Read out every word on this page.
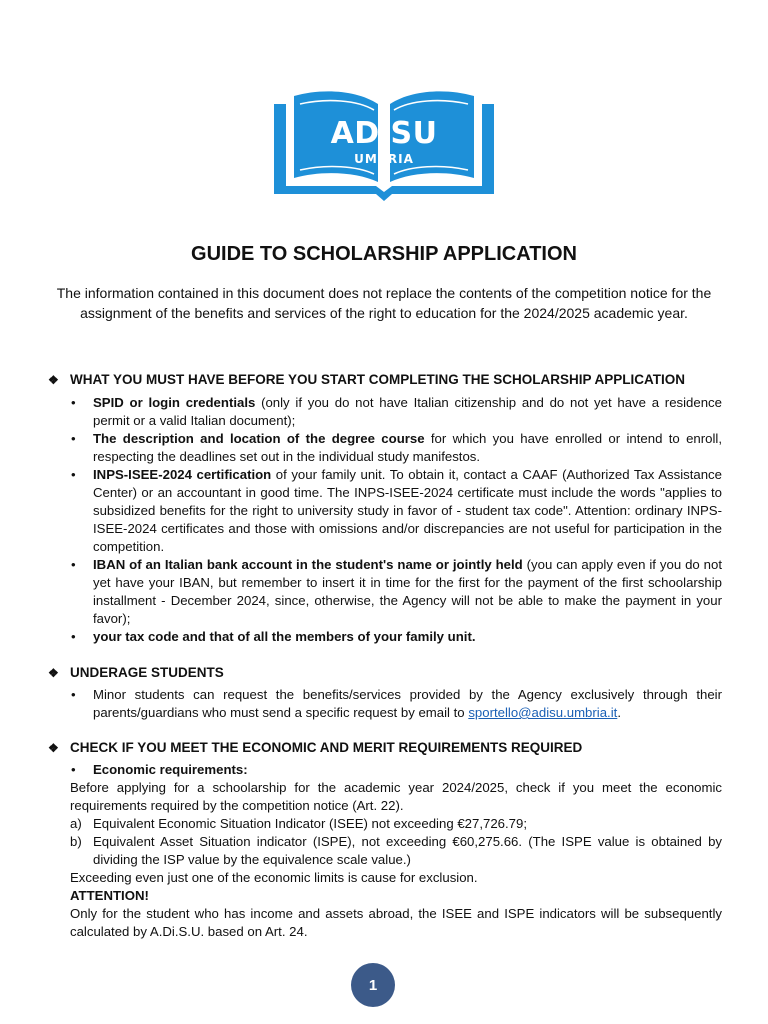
ADiSU
UMBRIA
GUIDE TO SCHOLARSHIP APPLICATION
The information contained in this document does not replace the contents of the competition notice for the assignment of the benefits and services of the right to education for the 2024/2025 academic year.
❖ WHAT YOU MUST HAVE BEFORE YOU START COMPLETING THE SCHOLARSHIP APPLICATION
• SPID or login credentials (only if you do not have Italian citizenship and do not yet have a residence permit or a valid Italian document);
• The description and location of the degree course for which you have enrolled or intend to enroll, respecting the deadlines set out in the individual study manifestos.
• INPS-ISEE-2024 certification of your family unit. To obtain it, contact a CAAF (Authorized Tax Assistance Center) or an accountant in good time. The INPS-ISEE-2024 certificate must include the words "applies to subsidized benefits for the right to university study in favor of - student tax code". Attention: ordinary INPS-ISEE-2024 certificates and those with omissions and/or discrepancies are not useful for participation in the competition.
• IBAN of an Italian bank account in the student's name or jointly held (you can apply even if you do not yet have your IBAN, but remember to insert it in time for the first for the payment of the first schoolarship installment - December 2024, since, otherwise, the Agency will not be able to make the payment in your favor);
• your tax code and that of all the members of your family unit.
❖ UNDERAGE STUDENTS
• Minor students can request the benefits/services provided by the Agency exclusively through their parents/guardians who must send a specific request by email to sportello@adisu.umbria.it.
❖ CHECK IF YOU MEET THE ECONOMIC AND MERIT REQUIREMENTS REQUIRED
• Economic requirements:
Before applying for a schoolarship for the academic year 2024/2025, check if you meet the economic requirements required by the competition notice (Art. 22).
a) Equivalent Economic Situation Indicator (ISEE) not exceeding €27,726.79;
b) Equivalent Asset Situation indicator (ISPE), not exceeding €60,275.66. (The ISPE value is obtained by dividing the ISP value by the equivalence scale value.)
Exceeding even just one of the economic limits is cause for exclusion.
ATTENTION!
Only for the student who has income and assets abroad, the ISEE and ISPE indicators will be subsequently calculated by A.Di.S.U. based on Art. 24.
1
